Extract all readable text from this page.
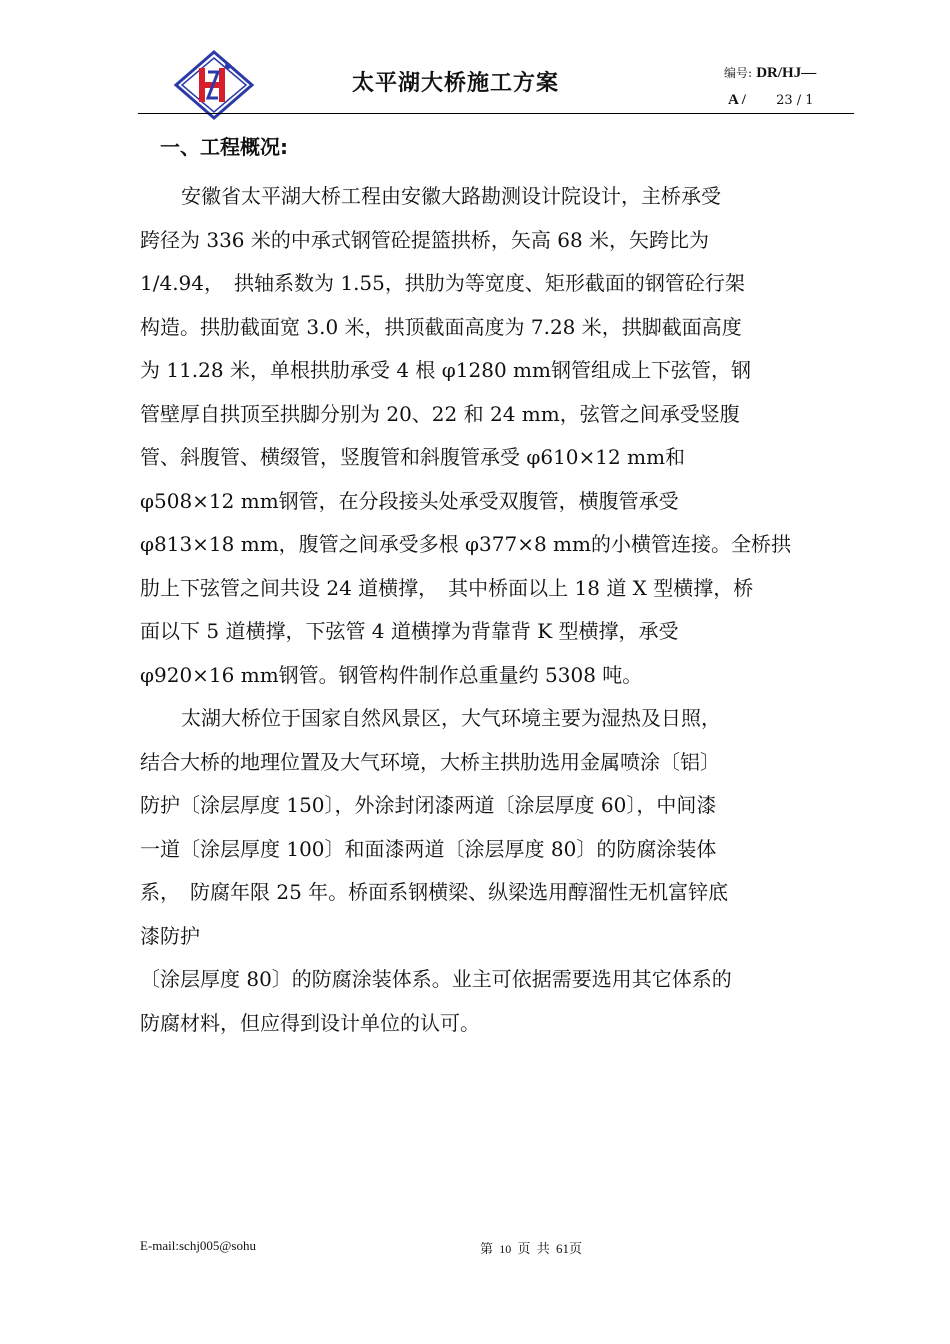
太平湖大桥施工方案	编号: DR/HJ—
A / 23 / 1
一、工程概况:
安徽省太平湖大桥工程由安徽大路勘测设计院设计，主桥承受
跨径为 336 米的中承式钢管砼提篮拱桥，矢高 68 米，矢跨比为
1/4.94，　拱轴系数为 1.55，拱肋为等宽度、矩形截面的钢管砼行架
构造。拱肋截面宽 3.0 米，拱顶截面高度为 7.28 米，拱脚截面高度
为 11.28 米，单根拱肋承受 4 根 φ1280 mm钢管组成上下弦管，钢
管壁厚自拱顶至拱脚分别为 20、22 和 24 mm，弦管之间承受竖腹
管、斜腹管、横缀管，竖腹管和斜腹管承受 φ610×12 mm和
φ508×12 mm钢管，在分段接头处承受双腹管，横腹管承受
φ813×18 mm，腹管之间承受多根 φ377×8 mm的小横管连接。全桥拱
肋上下弦管之间共设 24 道横撑，　其中桥面以上 18 道 X 型横撑，桥
面以下 5 道横撑，下弦管 4 道横撑为背靠背 K 型横撑，承受
φ920×16 mm钢管。钢管构件制作总重量约 5308 吨。
太湖大桥位于国家自然风景区，大气环境主要为湿热及日照，
结合大桥的地理位置及大气环境，大桥主拱肋选用金属喷涂〔铝〕
防护〔涂层厚度 150〕，外涂封闭漆两道〔涂层厚度 60〕，中间漆
一道〔涂层厚度 100〕和面漆两道〔涂层厚度 80〕的防腐涂装体
系，　防腐年限 25 年。桥面系钢横梁、纵梁选用醇溜性无机富锌底
漆防护
〔涂层厚度 80〕的防腐涂装体系。业主可依据需要选用其它体系的
防腐材料，但应得到设计单位的认可。
E-mail:schj005@sohu	第 10 页 共 61页
